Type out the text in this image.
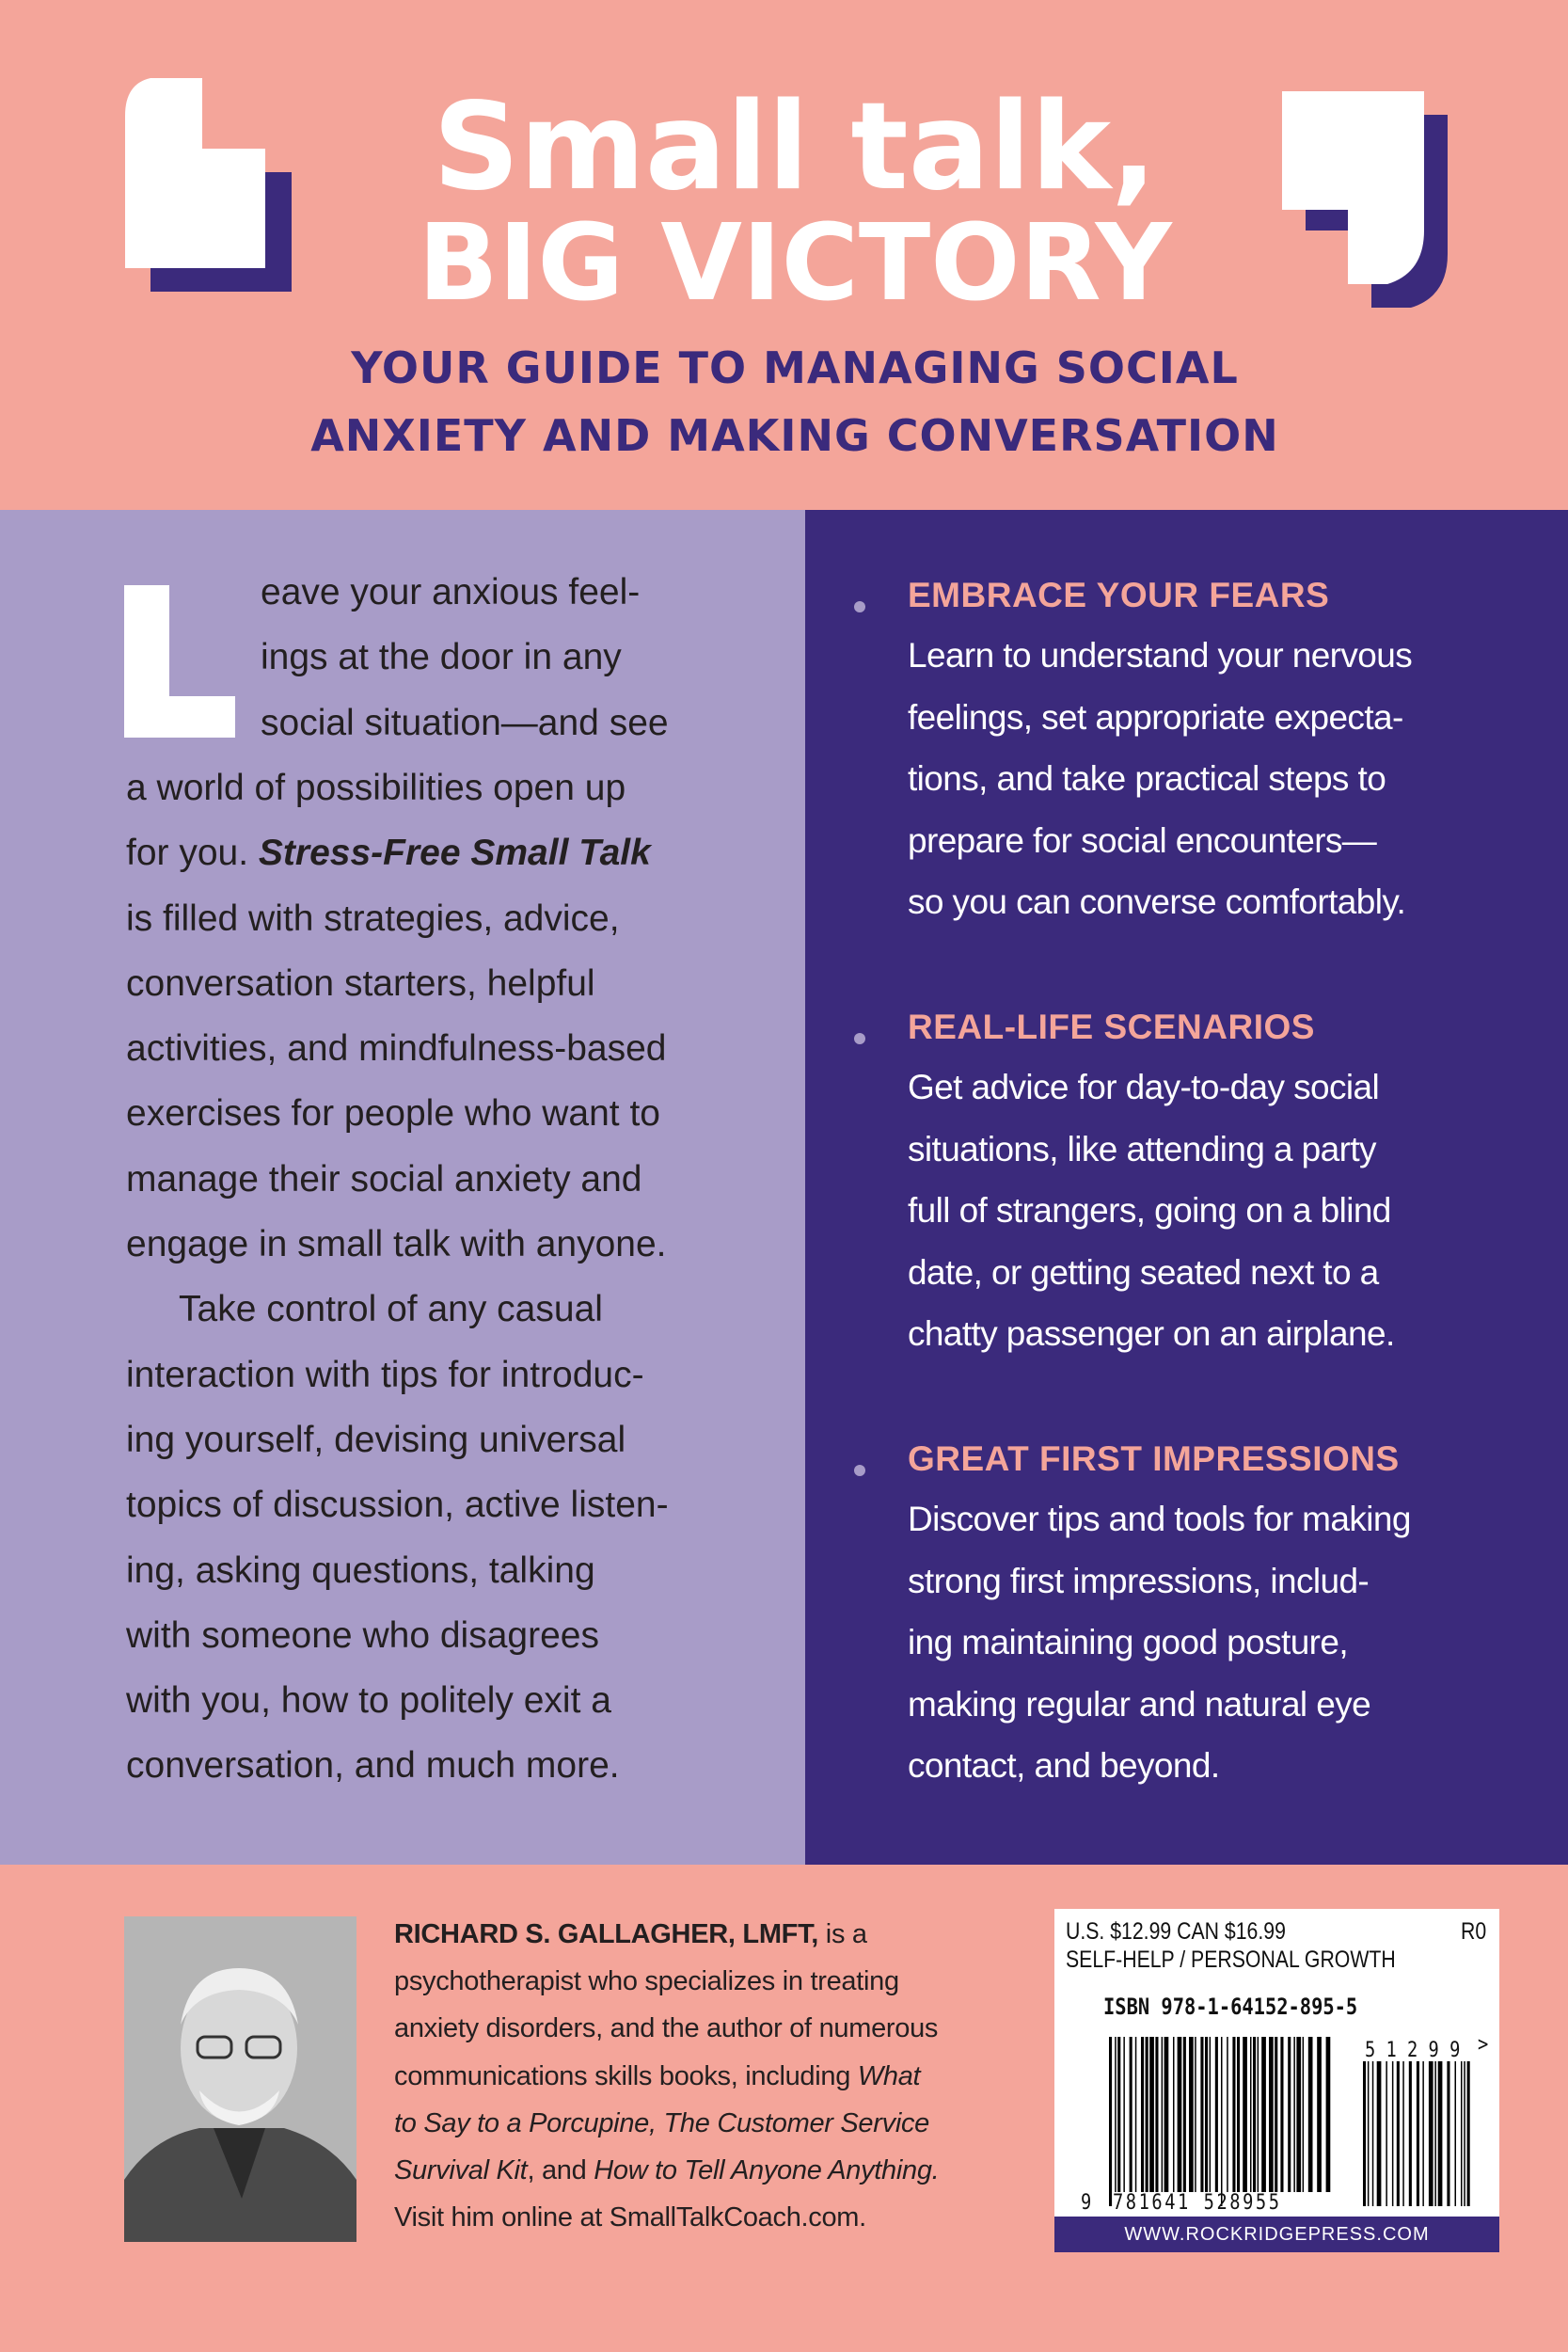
Small talk,
BIG VICTORY
YOUR GUIDE TO MANAGING SOCIAL
ANXIETY AND MAKING CONVERSATION
eave your anxious feel-
ings at the door in any
social situation—and see
a world of possibilities open up
for you. Stress-Free Small Talk
is filled with strategies, advice,
conversation starters, helpful
activities, and mindfulness-based
exercises for people who want to
manage their social anxiety and
engage in small talk with anyone.
Take control of any casual
interaction with tips for introduc-
ing yourself, devising universal
topics of discussion, active listen-
ing, asking questions, talking
with someone who disagrees
with you, how to politely exit a
conversation, and much more.
EMBRACE YOUR FEARS
Learn to understand your nervous
feelings, set appropriate expecta-
tions, and take practical steps to
prepare for social encounters—
so you can converse comfortably.
REAL-LIFE SCENARIOS
Get advice for day-to-day social
situations, like attending a party
full of strangers, going on a blind
date, or getting seated next to a
chatty passenger on an airplane.
GREAT FIRST IMPRESSIONS
Discover tips and tools for making
strong first impressions, includ-
ing maintaining good posture,
making regular and natural eye
contact, and beyond.
RICHARD S. GALLAGHER, LMFT, is a
psychotherapist who specializes in treating
anxiety disorders, and the author of numerous
communications skills books, including What
to Say to a Porcupine, The Customer Service
Survival Kit, and How to Tell Anyone Anything.
Visit him online at SmallTalkCoach.com.
U.S. $12.99 CAN $16.99	R0
SELF-HELP / PERSONAL GROWTH
ISBN 978-1-64152-895-5
9 781641 528955
5 1 2 9 9 >
WWW.ROCKRIDGEPRESS.COM
